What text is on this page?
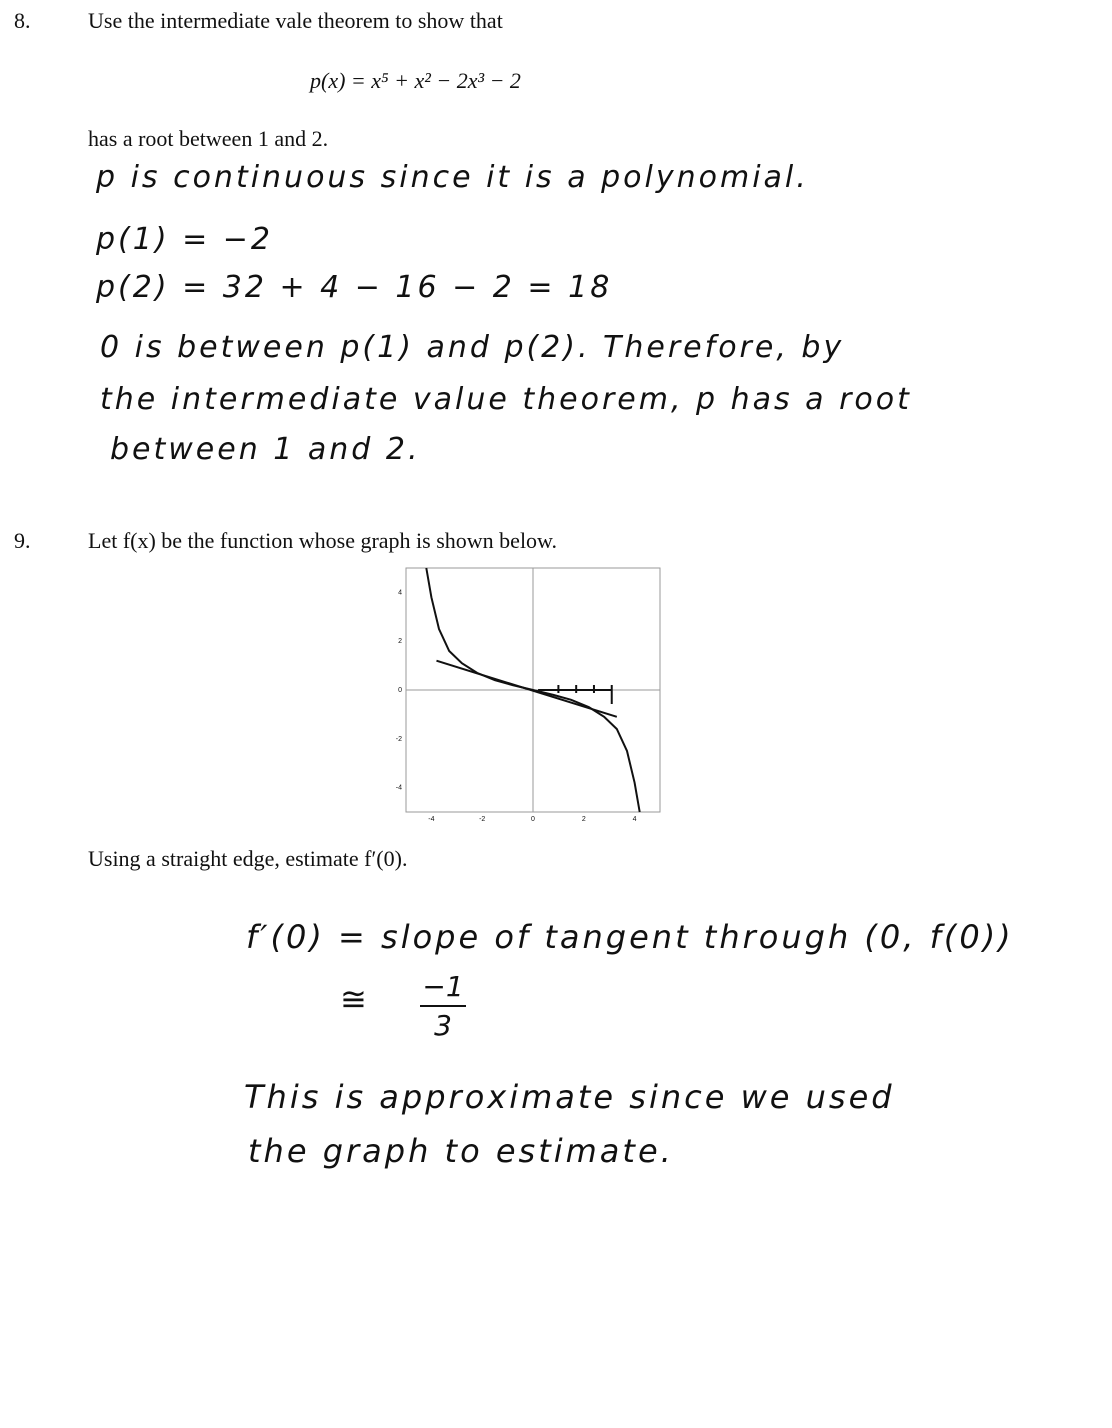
8.	Use the intermediate vale theorem to show that
p(x) = x⁵ + x² − 2x³ − 2
has a root between 1 and 2.
p is continuous since it is a polynomial.
p(1) = −2
p(2) = 32 + 4 − 16 − 2 = 18
0 is between p(1) and p(2). Therefore, by
the intermediate value theorem, p has a root
between 1 and 2.
9.	Let f(x) be the function whose graph is shown below.
-4	-2	0	2	4
4
2
0
-2
-4
Using a straight edge, estimate f′(0).
f′(0) = slope of tangent through (0, f(0))
≅ −1
3
This is approximate since we used
the graph to estimate.
